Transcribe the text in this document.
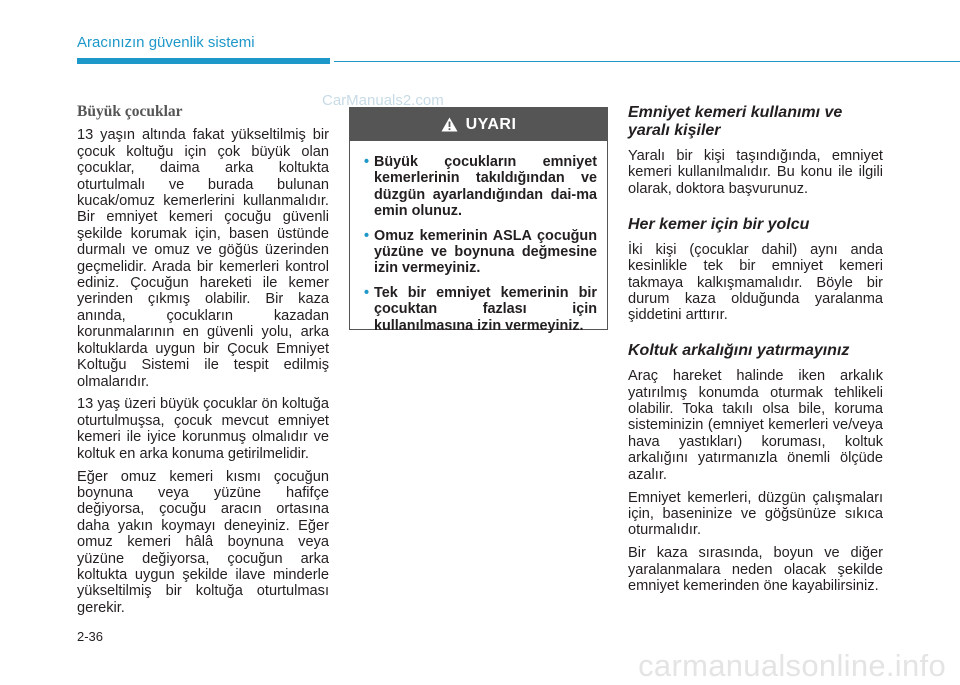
Aracınızın güvenlik sistemi
Büyük çocuklar

13 yaşın altında fakat yükseltilmiş bir çocuk koltuğu için çok büyük olan çocuklar, daima arka koltukta oturtulmalı ve burada bulunan kucak/omuz kemerlerini kullanmalıdır. Bir emniyet kemeri çocuğu güvenli şekilde korumak için, basen üstünde durmalı ve omuz ve göğüs üzerinden geçmelidir. Arada bir kemerleri kontrol ediniz. Çocuğun hareketi ile kemer yerinden çıkmış olabilir. Bir kaza anında, çocukların kazadan korunmalarının en güvenli yolu, arka koltuklarda uygun bir Çocuk Emniyet Koltuğu Sistemi ile tespit edilmiş olmalarıdır.

13 yaş üzeri büyük çocuklar ön koltuğa oturtulmuşsa, çocuk mevcut emniyet kemeri ile iyice korunmuş olmalıdır ve koltuk en arka konuma getirilmelidir.

Eğer omuz kemeri kısmı çocuğun boynuna veya yüzüne hafifçe değiyorsa, çocuğu aracın ortasına daha yakın koymayı deneyiniz. Eğer omuz kemeri hâlâ boynuna veya yüzüne değiyorsa, çocuğun arka koltukta uygun şekilde ilave minderle yükseltilmiş bir koltuğa oturtulması gerekir.

UYARI
• Büyük çocukların emniyet kemerlerinin takıldığından ve düzgün ayarlandığından dai-ma emin olunuz.
• Omuz kemerinin ASLA çocuğun yüzüne ve boynuna değmesine izin vermeyiniz.
• Tek bir emniyet kemerinin bir çocuktan fazlası için kullanılmasına izin vermeyiniz.
Emniyet kemeri kullanımı ve yaralı kişiler

Yaralı bir kişi taşındığında, emniyet kemeri kullanılmalıdır. Bu konu ile ilgili olarak, doktora başvurunuz.

Her kemer için bir yolcu

İki kişi (çocuklar dahil) aynı anda kesinlikle tek bir emniyet kemeri takmaya kalkışmamalıdır. Böyle bir durum kaza olduğunda yaralanma şiddetini arttırır.

Koltuk arkalığını yatırmayınız

Araç hareket halinde iken arkalık yatırılmış konumda oturmak tehlikeli olabilir. Toka takılı olsa bile, koruma sisteminizin (emniyet kemerleri ve/veya hava yastıkları) koruması, koltuk arkalığını yatırmanızla önemli ölçüde azalır.

Emniyet kemerleri, düzgün çalışmaları için, baseninize ve göğsünüze sıkıca oturmalıdır.

Bir kaza sırasında, boyun ve diğer yaralanmalara neden olacak şekilde emniyet kemerinden öne kayabilirsiniz.

CarManuals2.com
2-36
carmanualsonline.info
